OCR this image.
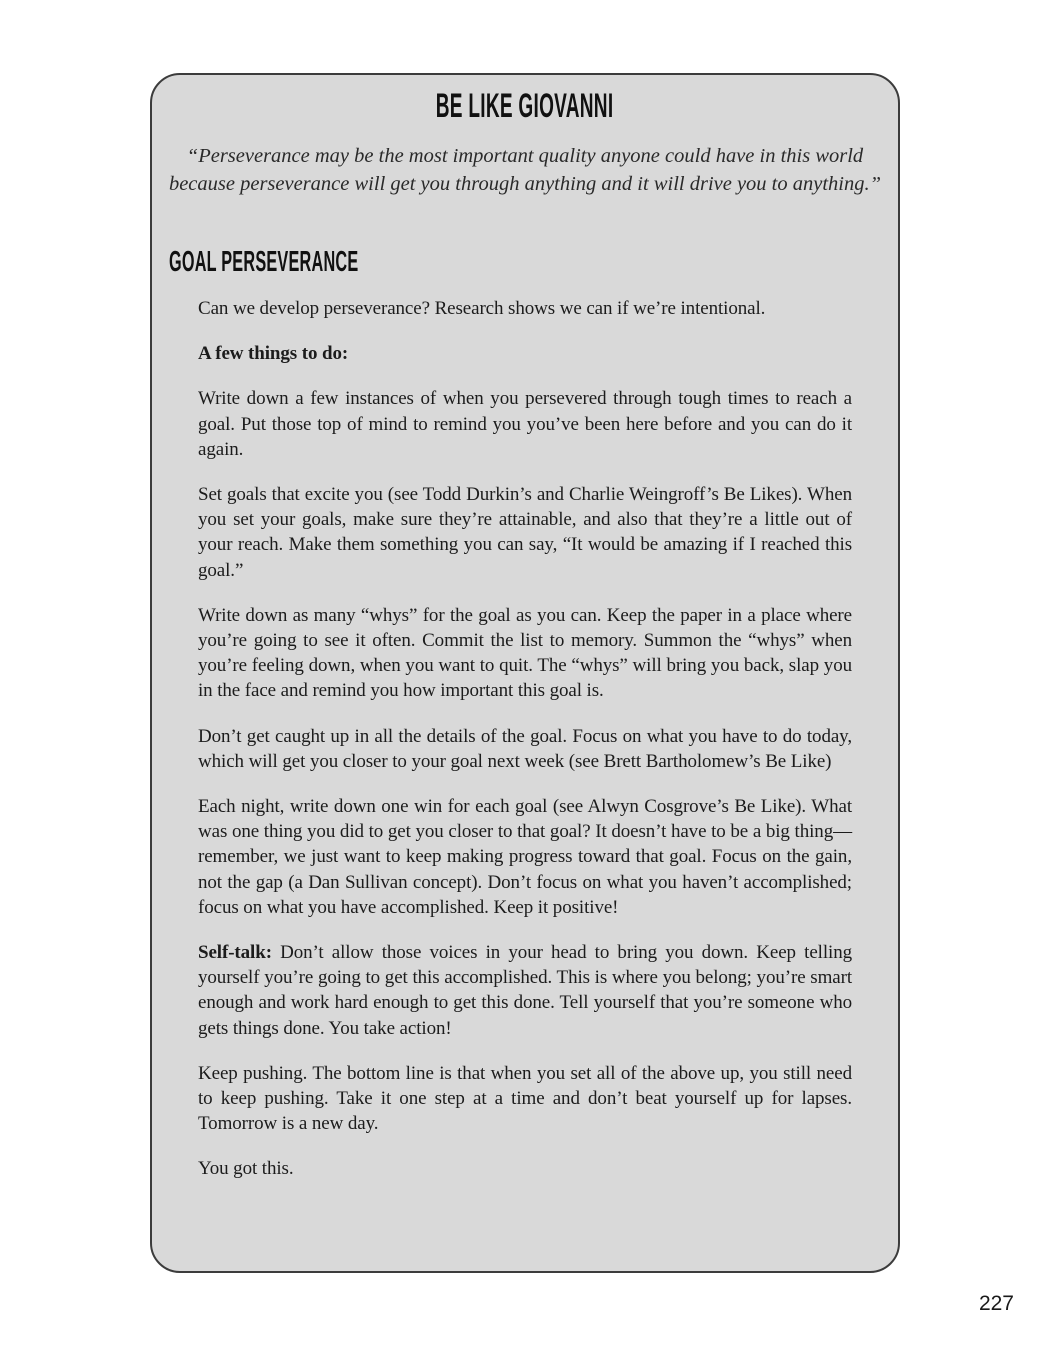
BE LIKE GIOVANNI

“Perseverance may be the most important quality anyone could have in this world because perseverance will get you through anything and it will drive you to anything.”

GOAL PERSEVERANCE

Can we develop perseverance? Research shows we can if we’re intentional.

A few things to do:

Write down a few instances of when you persevered through tough times to reach a goal. Put those top of mind to remind you you’ve been here before and you can do it again.

Set goals that excite you (see Todd Durkin’s and Charlie Weingroff’s Be Likes). When you set your goals, make sure they’re attainable, and also that they’re a little out of your reach. Make them something you can say, “It would be amazing if I reached this goal.”

Write down as many “whys” for the goal as you can. Keep the paper in a place where you’re going to see it often. Commit the list to memory. Summon the “whys” when you’re feeling down, when you want to quit. The “whys” will bring you back, slap you in the face and remind you how important this goal is.

Don’t get caught up in all the details of the goal. Focus on what you have to do today, which will get you closer to your goal next week (see Brett Bartholomew’s Be Like)

Each night, write down one win for each goal (see Alwyn Cosgrove’s Be Like). What was one thing you did to get you closer to that goal? It doesn’t have to be a big thing—remember, we just want to keep making progress toward that goal. Focus on the gain, not the gap (a Dan Sullivan concept). Don’t focus on what you haven’t accomplished; focus on what you have accomplished. Keep it positive!

Self-talk: Don’t allow those voices in your head to bring you down. Keep telling yourself you’re going to get this accomplished. This is where you belong; you’re smart enough and work hard enough to get this done. Tell yourself that you’re someone who gets things done. You take action!

Keep pushing. The bottom line is that when you set all of the above up, you still need to keep pushing. Take it one step at a time and don’t beat yourself up for lapses. Tomorrow is a new day.

You got this.

227
